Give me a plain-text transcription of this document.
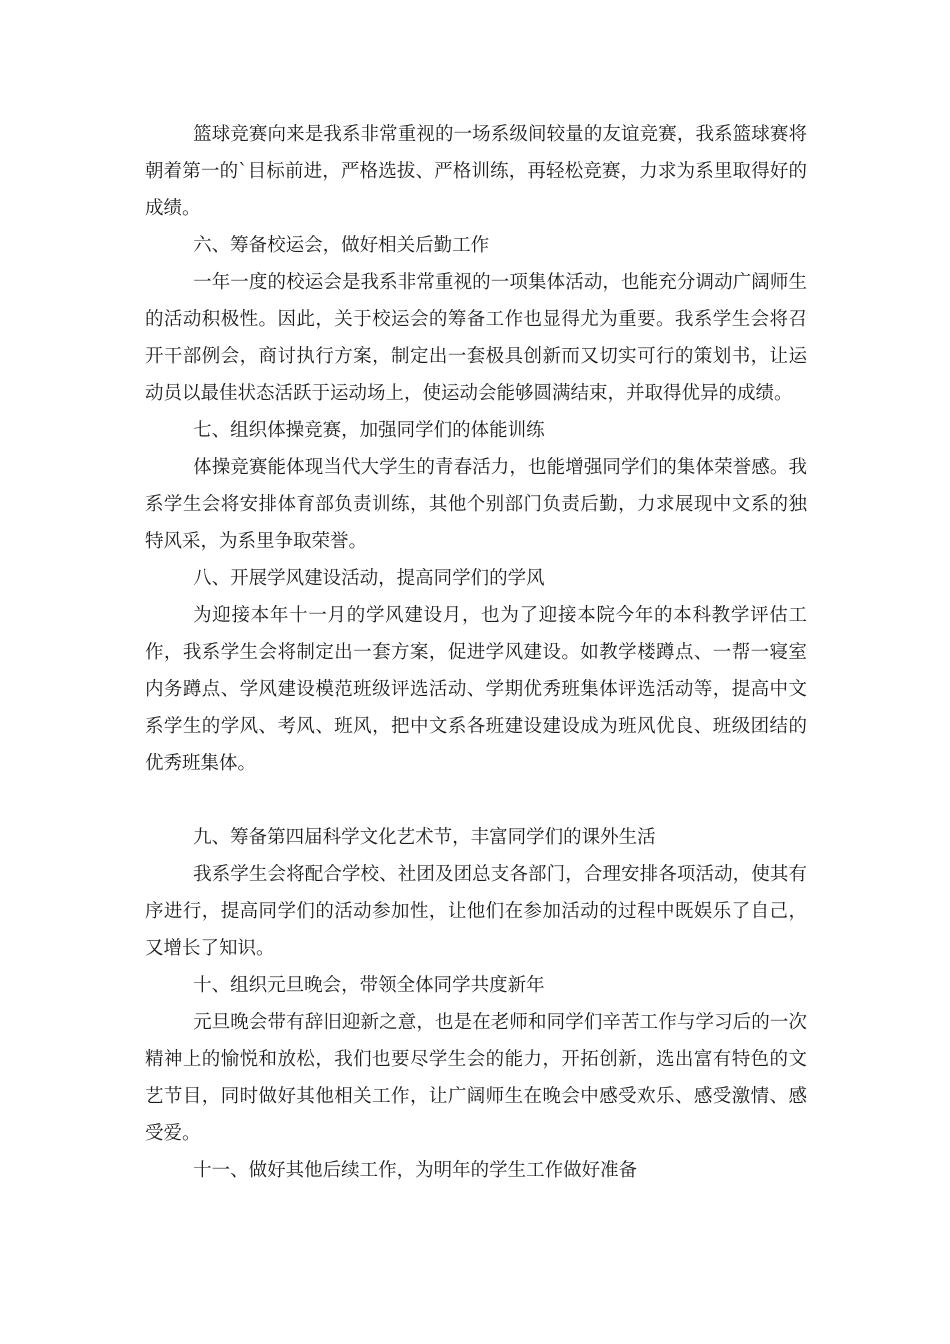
篮球竞赛向来是我系非常重视的一场系级间较量的友谊竞赛，我系篮球赛将朝着第一的`目标前进，严格选拔、严格训练，再轻松竞赛，力求为系里取得好的成绩。

六、筹备校运会，做好相关后勤工作

一年一度的校运会是我系非常重视的一项集体活动，也能充分调动广阔师生的活动积极性。因此，关于校运会的筹备工作也显得尤为重要。我系学生会将召开干部例会，商讨执行方案，制定出一套极具创新而又切实可行的策划书，让运动员以最佳状态活跃于运动场上，使运动会能够圆满结束，并取得优异的成绩。

七、组织体操竞赛，加强同学们的体能训练

体操竞赛能体现当代大学生的青春活力，也能增强同学们的集体荣誉感。我系学生会将安排体育部负责训练，其他个别部门负责后勤，力求展现中文系的独特风采，为系里争取荣誉。

八、开展学风建设活动，提高同学们的学风

为迎接本年十一月的学风建设月，也为了迎接本院今年的本科教学评估工作，我系学生会将制定出一套方案，促进学风建设。如教学楼蹲点、一帮一寝室内务蹲点、学风建设模范班级评选活动、学期优秀班集体评选活动等，提高中文系学生的学风、考风、班风，把中文系各班建设建设成为班风优良、班级团结的优秀班集体。

九、筹备第四届科学文化艺术节，丰富同学们的课外生活

我系学生会将配合学校、社团及团总支各部门，合理安排各项活动，使其有序进行，提高同学们的活动参加性，让他们在参加活动的过程中既娱乐了自己，又增长了知识。

十、组织元旦晚会，带领全体同学共度新年

元旦晚会带有辞旧迎新之意，也是在老师和同学们辛苦工作与学习后的一次精神上的愉悦和放松，我们也要尽学生会的能力，开拓创新，选出富有特色的文艺节目，同时做好其他相关工作，让广阔师生在晚会中感受欢乐、感受激情、感受爱。

十一、做好其他后续工作，为明年的学生工作做好准备
